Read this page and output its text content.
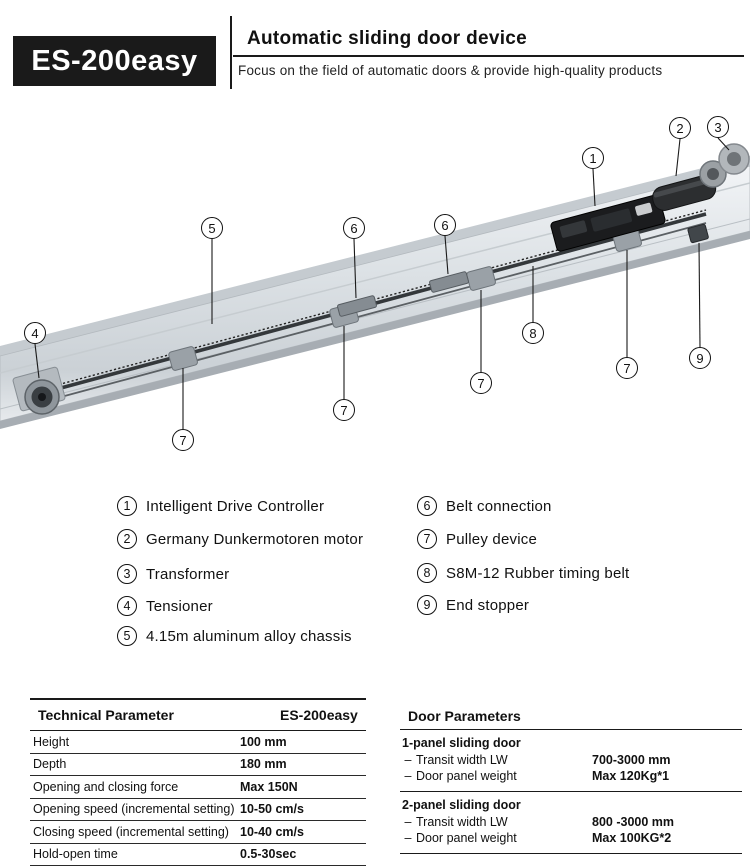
ES-200easy
Automatic sliding door device
Focus on the field of automatic doors & provide high-quality products
2	3
1
5	6	6
8
4
7
7
9
7
7
1	Intelligent Drive Controller
2	Germany Dunkermotoren motor
3	Transformer
4	Tensioner
5	4.15m aluminum alloy chassis
6	Belt connection
7	Pulley device
8	S8M-12 Rubber timing belt
9	End stopper
Technical Parameter	ES-200easy
Height	100 mm
Depth	180 mm
Opening and closing force	Max 150N
Opening speed (incremental setting) 10-50 cm/s
Closing speed (incremental setting) 10-40 cm/s
Hold-open time	0.5-30sec
Door Parameters
1-panel sliding door
– Transit width LW	700-3000 mm
– Door panel weight	Max 120Kg*1
2-panel sliding door
– Transit width LW	800 -3000 mm
– Door panel weight	Max 100KG*2
